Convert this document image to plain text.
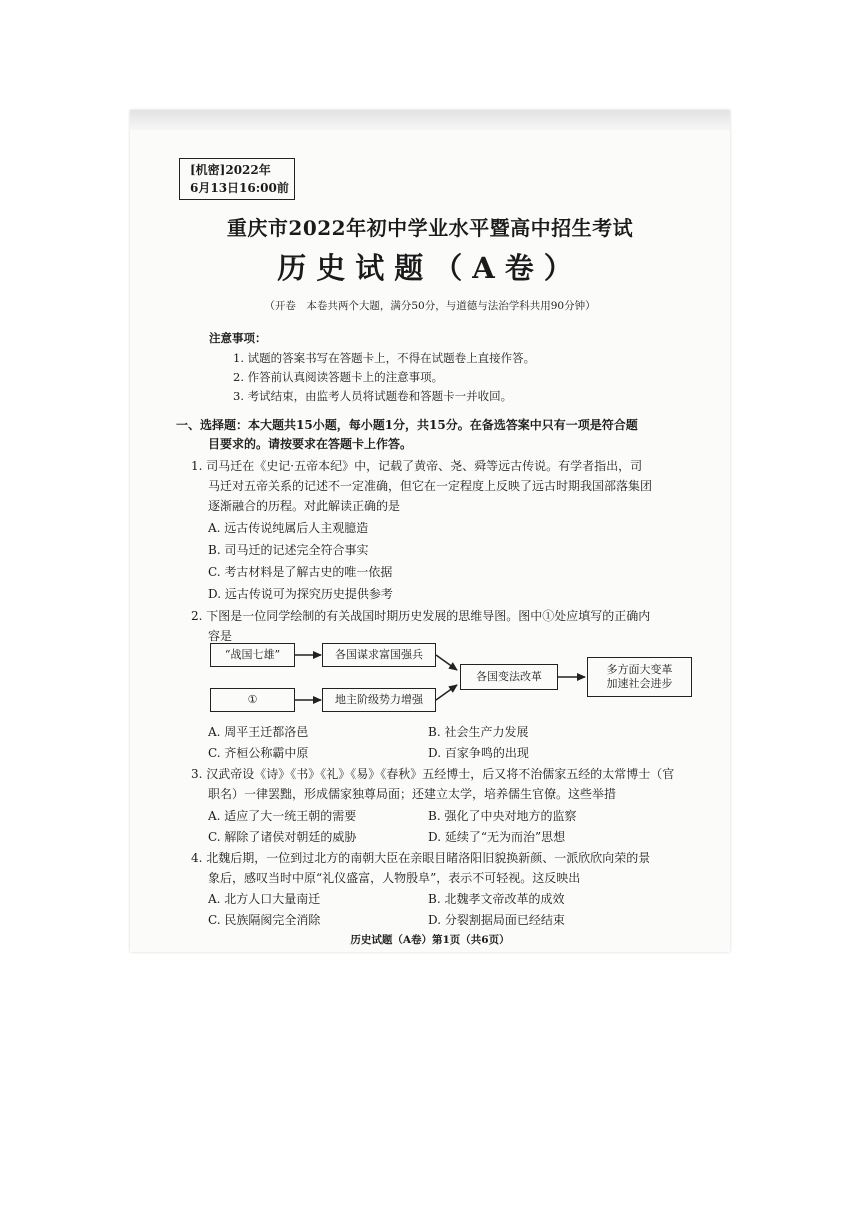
[机密]2022年
6月13日16:00前
重庆市2022年初中学业水平暨高中招生考试
历史试题（A卷）
（开卷　本卷共两个大题，满分50分，与道德与法治学科共用90分钟）
注意事项：
1. 试题的答案书写在答题卡上，不得在试题卷上直接作答。
2. 作答前认真阅读答题卡上的注意事项。
3. 考试结束，由监考人员将试题卷和答题卡一并收回。
一、选择题：本大题共15小题，每小题1分，共15分。在备选答案中只有一项是符合题
目要求的。请按要求在答题卡上作答。
1. 司马迁在《史记·五帝本纪》中，记载了黄帝、尧、舜等远古传说。有学者指出，司
马迁对五帝关系的记述不一定准确，但它在一定程度上反映了远古时期我国部落集团
逐渐融合的历程。对此解读正确的是
A. 远古传说纯属后人主观臆造
B. 司马迁的记述完全符合事实
C. 考古材料是了解古史的唯一依据
D. 远古传说可为探究历史提供参考
2. 下图是一位同学绘制的有关战国时期历史发展的思维导图。图中①处应填写的正确内
容是
“战国七雄”	各国谋求富国强兵
①	地主阶级势力增强
各国变法改革
多方面大变革
加速社会进步
A. 周平王迁都洛邑	B. 社会生产力发展
C. 齐桓公称霸中原	D. 百家争鸣的出现
3. 汉武帝设《诗》《书》《礼》《易》《春秋》五经博士，后又将不治儒家五经的太常博士（官
职名）一律罢黜，形成儒家独尊局面；还建立太学，培养儒生官僚。这些举措
A. 适应了大一统王朝的需要	B. 强化了中央对地方的监察
C. 解除了诸侯对朝廷的威胁	D. 延续了“无为而治”思想
4. 北魏后期，一位到过北方的南朝大臣在亲眼目睹洛阳旧貌换新颜、一派欣欣向荣的景
象后，感叹当时中原“礼仪盛富，人物殷阜”，表示不可轻视。这反映出
A. 北方人口大量南迁	B. 北魏孝文帝改革的成效
C. 民族隔阂完全消除	D. 分裂割据局面已经结束
历史试题（A卷）第1页（共6页）
